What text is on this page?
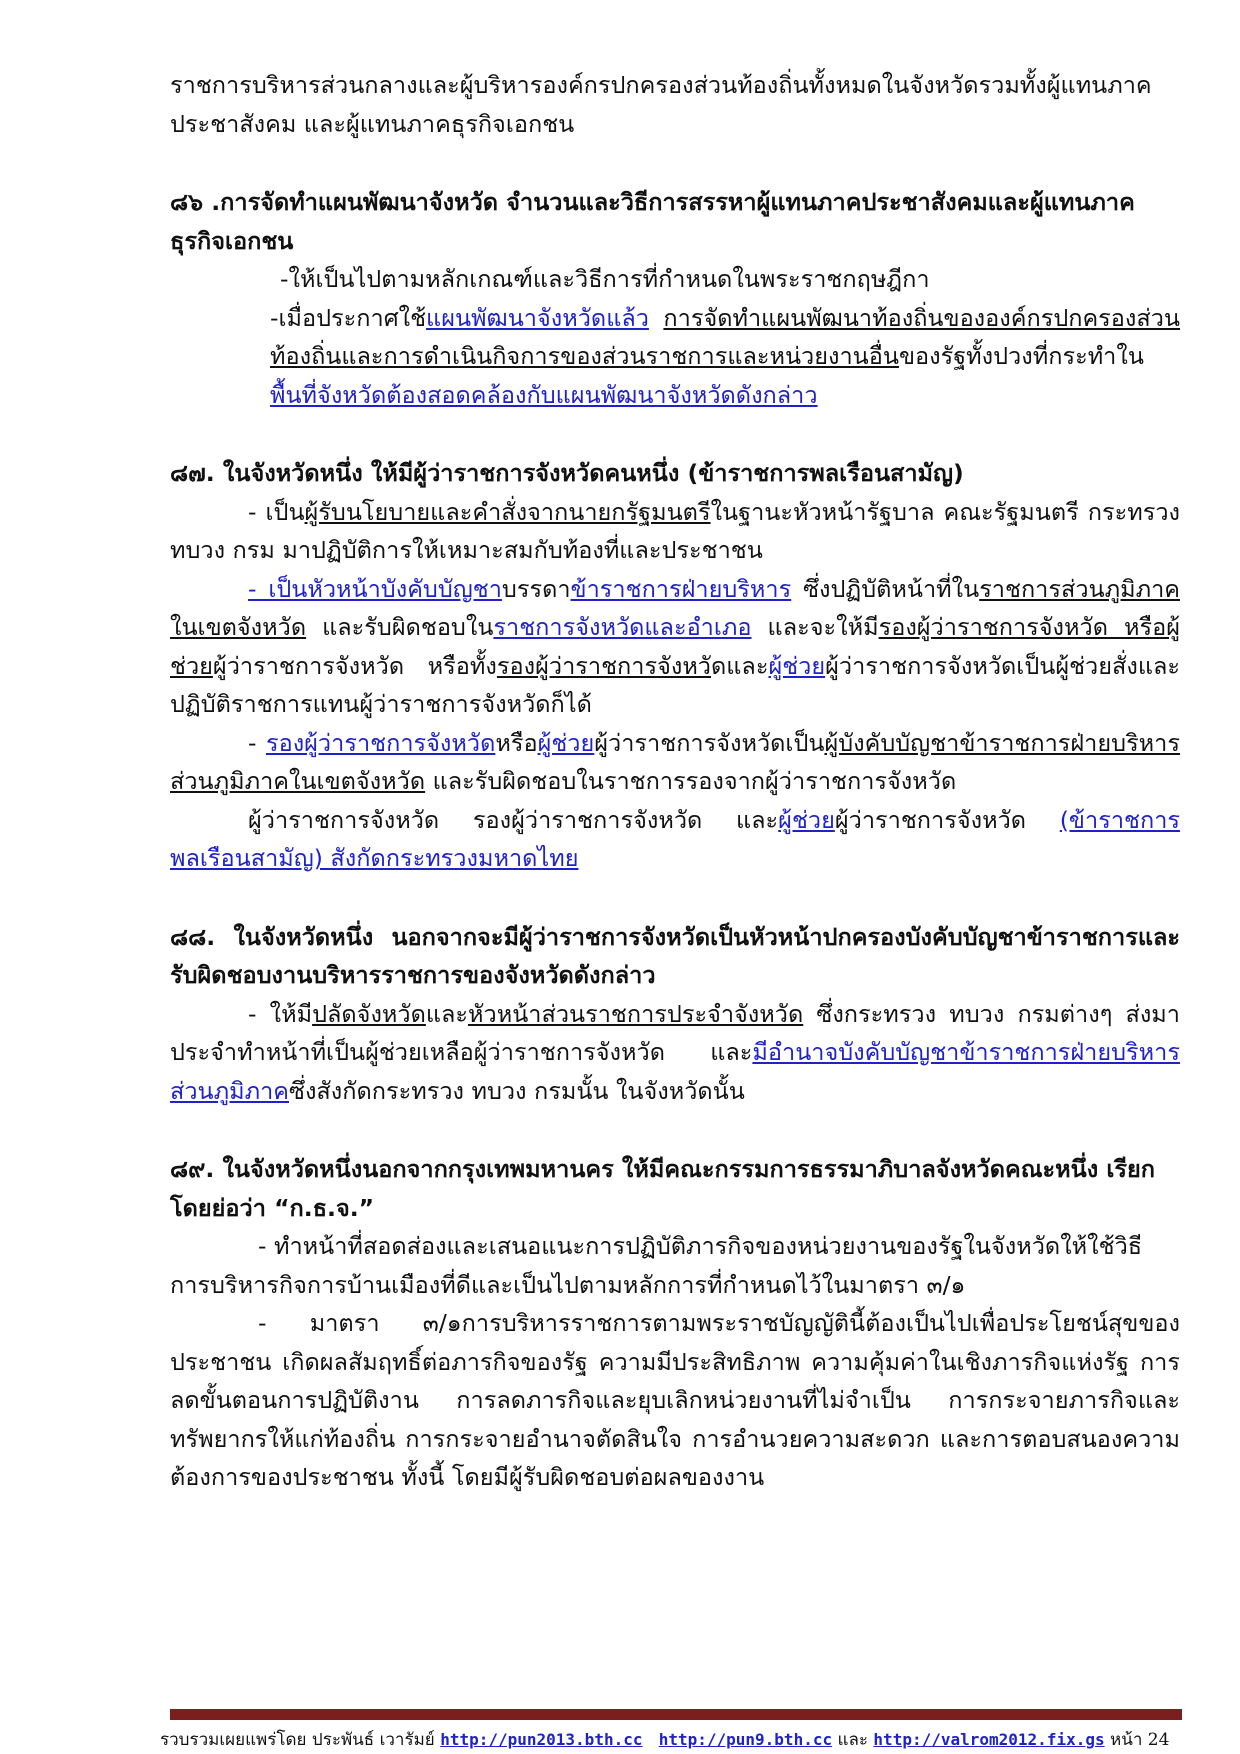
ราชการบริหารส่วนกลางและผู้บริหารองค์กรปกครองส่วนท้องถิ่นทั้งหมดในจังหวัดรวมทั้งผู้แทนภาค
ประชาสังคม และผู้แทนภาคธุรกิจเอกชน

๘๖ .การจัดทำแผนพัฒนาจังหวัด จำนวนและวิธีการสรรหาผู้แทนภาคประชาสังคมและผู้แทนภาคธุรกิจเอกชน

-ให้เป็นไปตามหลักเกณฑ์และวิธีการที่กำหนดในพระราชกฤษฎีกา

-เมื่อประกาศใช้แผนพัฒนาจังหวัดแล้ว การจัดทำแผนพัฒนาท้องถิ่นขององค์กรปกครองส่วนท้องถิ่นและการดำเนินกิจการของส่วนราชการและหน่วยงานอื่นของรัฐทั้งปวงที่กระทำในพื้นที่จังหวัดต้องสอดคล้องกับแผนพัฒนาจังหวัดดังกล่าว

๘๗. ในจังหวัดหนึ่ง ให้มีผู้ว่าราชการจังหวัดคนหนึ่ง (ข้าราชการพลเรือนสามัญ)

- เป็นผู้รับนโยบายและคำสั่งจากนายกรัฐมนตรีในฐานะหัวหน้ารัฐบาล คณะรัฐมนตรี กระทรวง ทบวง กรม มาปฏิบัติการให้เหมาะสมกับท้องที่และประชาชน

- เป็นหัวหน้าบังคับบัญชาบรรดาข้าราชการฝ่ายบริหาร ซึ่งปฏิบัติหน้าที่ในราชการส่วนภูมิภาคในเขตจังหวัด และรับผิดชอบในราชการจังหวัดและอำเภอ และจะให้มีรองผู้ว่าราชการจังหวัด หรือผู้ช่วยผู้ว่าราชการจังหวัด หรือทั้งรองผู้ว่าราชการจังหวัดและผู้ช่วยผู้ว่าราชการจังหวัดเป็นผู้ช่วยสั่งและปฏิบัติราชการแทนผู้ว่าราชการจังหวัดก็ได้

- รองผู้ว่าราชการจังหวัดหรือผู้ช่วยผู้ว่าราชการจังหวัดเป็นผู้บังคับบัญชาข้าราชการฝ่ายบริหารส่วนภูมิภาคในเขตจังหวัด และรับผิดชอบในราชการรองจากผู้ว่าราชการจังหวัด

ผู้ว่าราชการจังหวัด รองผู้ว่าราชการจังหวัด และผู้ช่วยผู้ว่าราชการจังหวัด (ข้าราชการพลเรือนสามัญ) สังกัดกระทรวงมหาดไทย

๘๘. ในจังหวัดหนึ่ง นอกจากจะมีผู้ว่าราชการจังหวัดเป็นหัวหน้าปกครองบังคับบัญชาข้าราชการและรับผิดชอบงานบริหารราชการของจังหวัดดังกล่าว

- ให้มีปลัดจังหวัดและหัวหน้าส่วนราชการประจำจังหวัด ซึ่งกระทรวง ทบวง กรมต่างๆ ส่งมาประจำทำหน้าที่เป็นผู้ช่วยเหลือผู้ว่าราชการจังหวัด และมีอำนาจบังคับบัญชาข้าราชการฝ่ายบริหารส่วนภูมิภาคซึ่งสังกัดกระทรวง ทบวง กรมนั้น ในจังหวัดนั้น

๘๙. ในจังหวัดหนึ่งนอกจากกรุงเทพมหานคร ให้มีคณะกรรมการธรรมาภิบาลจังหวัดคณะหนึ่ง เรียกโดยย่อว่า “ก.ธ.จ.”

- ทำหน้าที่สอดส่องและเสนอแนะการปฏิบัติภารกิจของหน่วยงานของรัฐในจังหวัดให้ใช้วิธีการบริหารกิจการบ้านเมืองที่ดีและเป็นไปตามหลักการที่กำหนดไว้ในมาตรา ๓/๑

- มาตรา ๓/๑การบริหารราชการตามพระราชบัญญัตินี้ต้องเป็นไปเพื่อประโยชน์สุขของประชาชน เกิดผลสัมฤทธิ์ต่อภารกิจของรัฐ ความมีประสิทธิภาพ ความคุ้มค่าในเชิงภารกิจแห่งรัฐ การลดขั้นตอนการปฏิบัติงาน การลดภารกิจและยุบเลิกหน่วยงานที่ไม่จำเป็น การกระจายภารกิจและทรัพยากรให้แก่ท้องถิ่น การกระจายอำนาจตัดสินใจ การอำนวยความสะดวก และการตอบสนองความต้องการของประชาชน ทั้งนี้ โดยมีผู้รับผิดชอบต่อผลของงาน

รวบรวมเผยแพร่โดย ประพันธ์ เวารัมย์ http://pun2013.bth.cc http://pun9.bth.cc และ http://valrom2012.fix.gs หน้า 24
